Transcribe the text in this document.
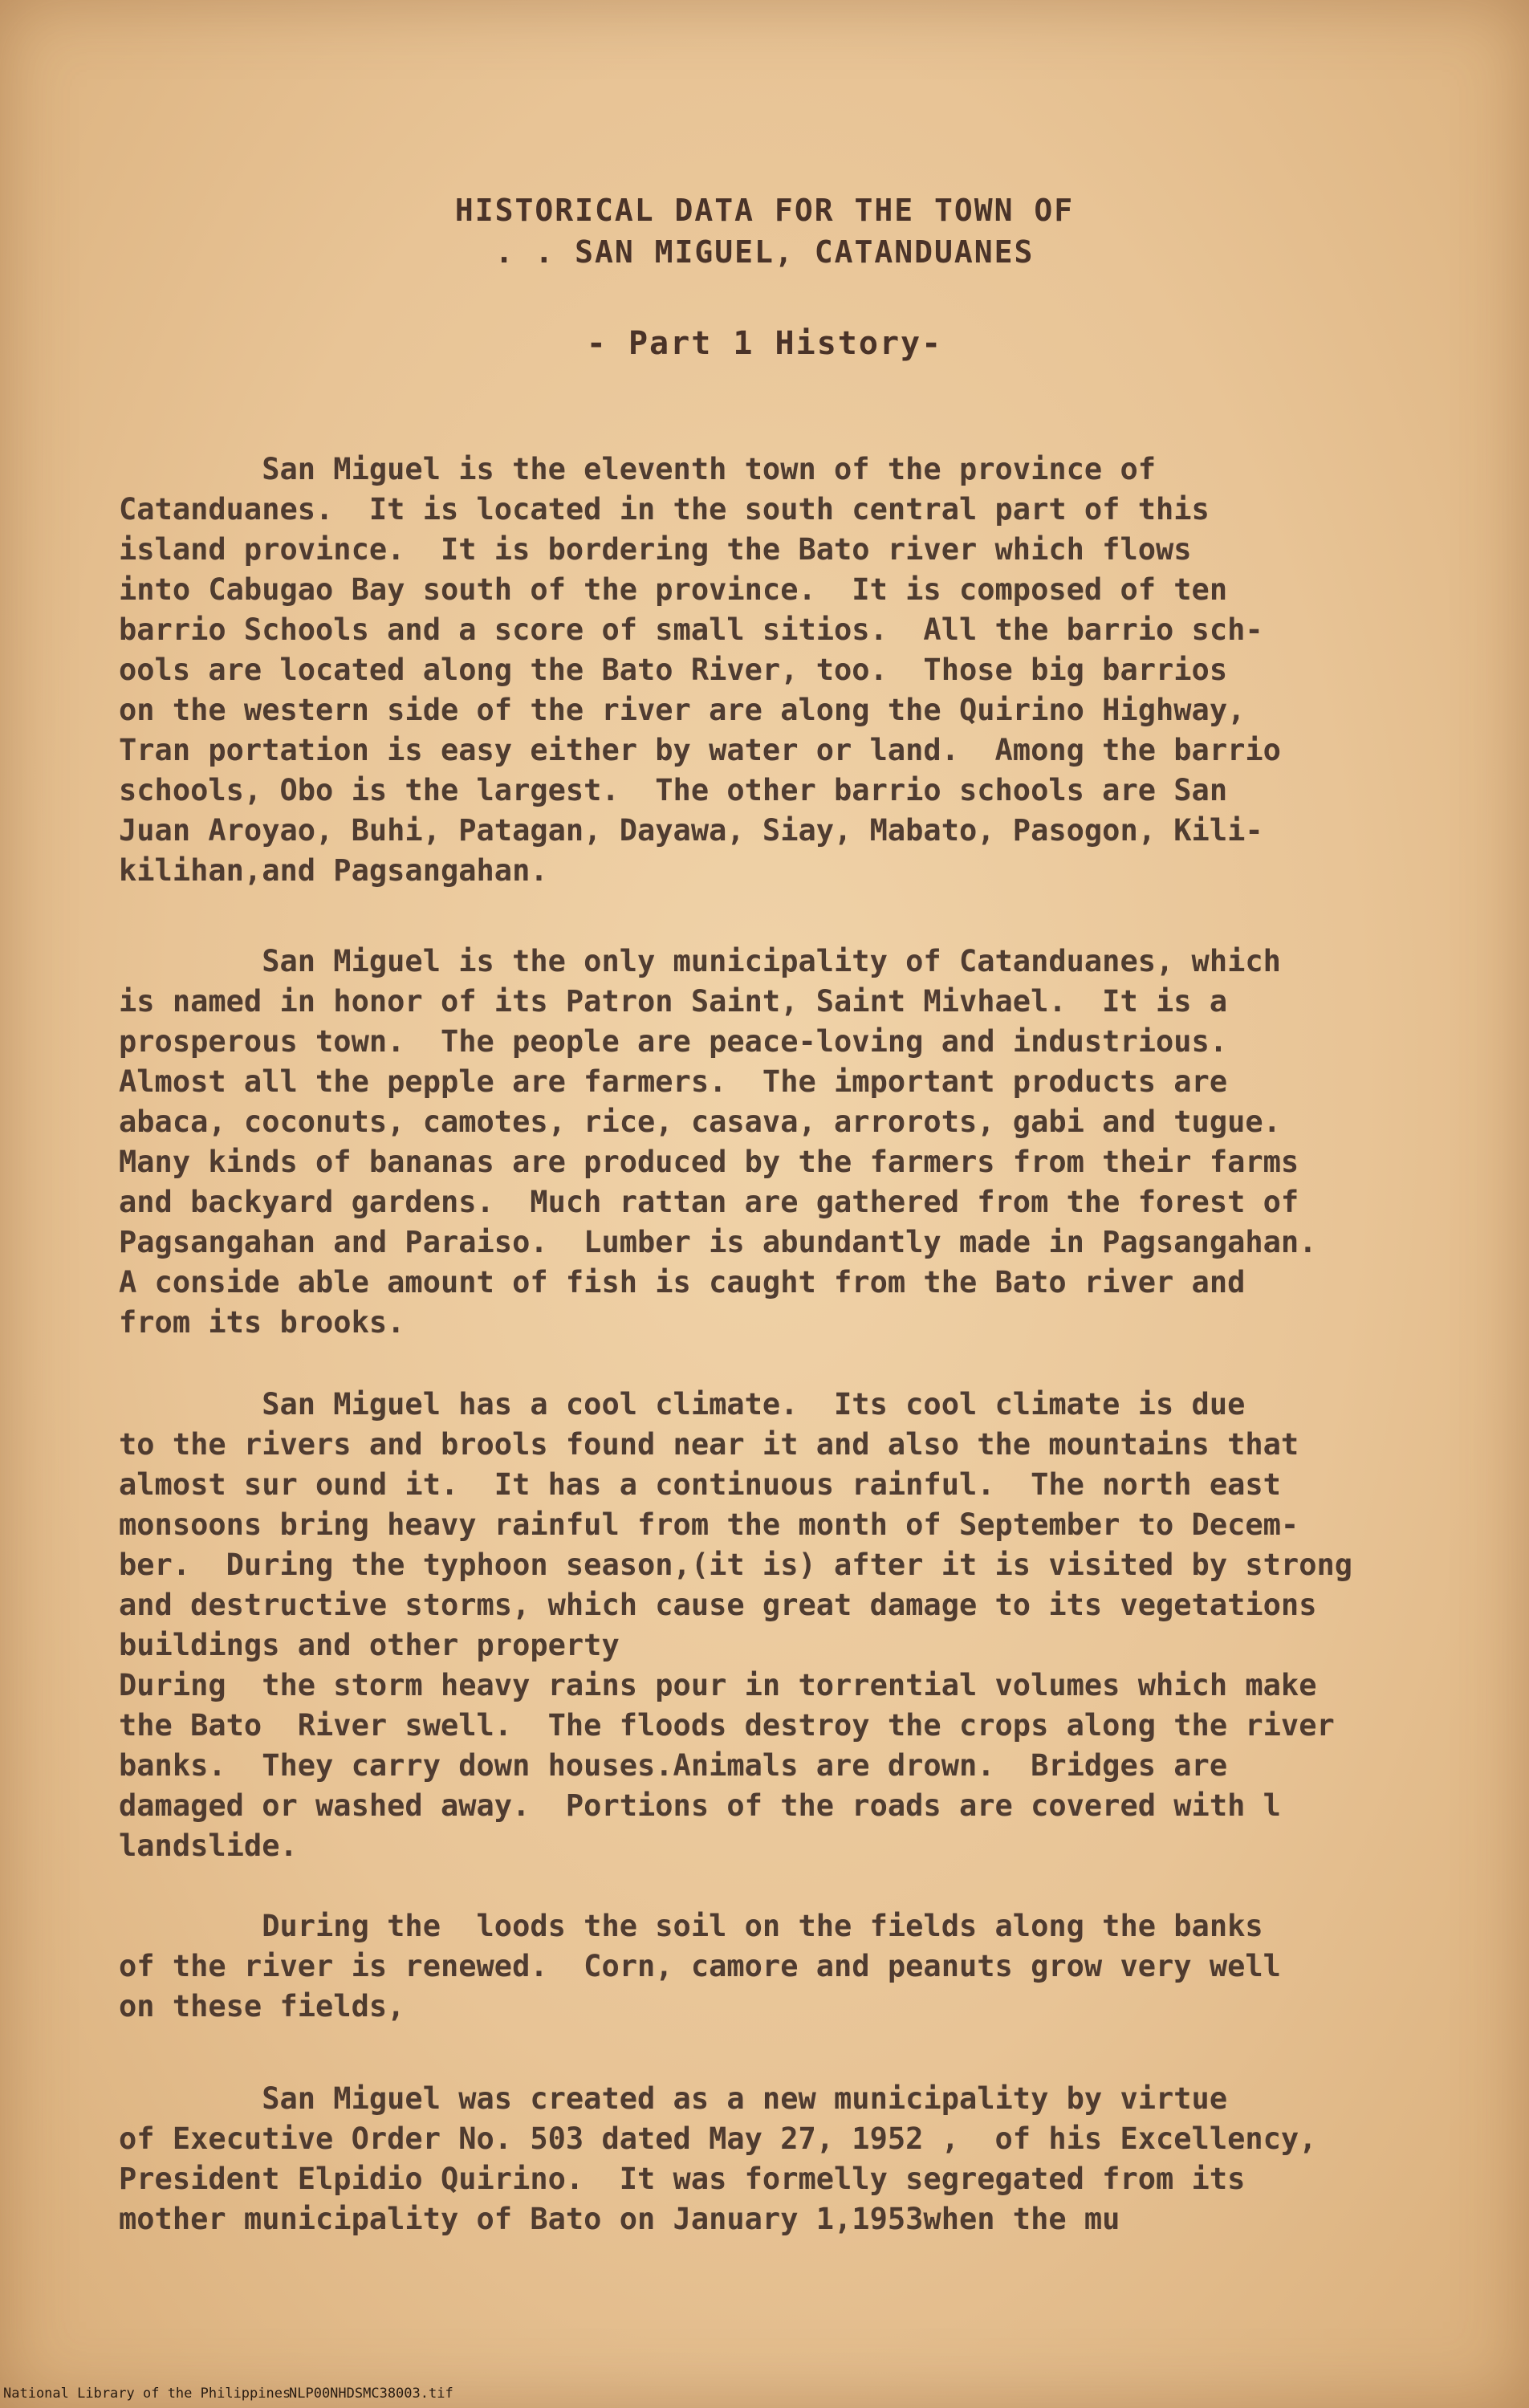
HISTORICAL DATA FOR THE TOWN OF
. . SAN MIGUEL, CATANDUANES
- Part 1 History-
San Miguel is the eleventh town of the province of
Catanduanes.  It is located in the south central part of this
island province.  It is bordering the Bato river which flows
into Cabugao Bay south of the province.  It is composed of ten
barrio Schools and a score of small sitios.  All the barrio sch-
ools are located along the Bato River, too.  Those big barrios
on the western side of the river are along the Quirino Highway,
Tran portation is easy either by water or land.  Among the barrio
schools, Obo is the largest.  The other barrio schools are San
Juan Aroyao, Buhi, Patagan, Dayawa, Siay, Mabato, Pasogon, Kili-
kilihan,and Pagsangahan.
San Miguel is the only municipality of Catanduanes, which
is named in honor of its Patron Saint, Saint Mivhael.  It is a
prosperous town.  The people are peace-loving and industrious.
Almost all the pepple are farmers.  The important products are
abaca, coconuts, camotes, rice, casava, arrorots, gabi and tugue.
Many kinds of bananas are produced by the farmers from their farms
and backyard gardens.  Much rattan are gathered from the forest of
Pagsangahan and Paraiso.  Lumber is abundantly made in Pagsangahan.
A conside able amount of fish is caught from the Bato river and
from its brooks.
San Miguel has a cool climate.  Its cool climate is due
to the rivers and brools found near it and also the mountains that
almost sur ound it.  It has a continuous rainful.  The north east
monsoons bring heavy rainful from the month of September to Decem-
ber.  During the typhoon season,(it is) after it is visited by strong
and destructive storms, which cause great damage to its vegetations
buildings and other property
During  the storm heavy rains pour in torrential volumes which make
the Bato  River swell.  The floods destroy the crops along the river
banks.  They carry down houses.Animals are drown.  Bridges are
damaged or washed away.  Portions of the roads are covered with l
landslide.
During the  loods the soil on the fields along the banks
of the river is renewed.  Corn, camore and peanuts grow very well
on these fields,
San Miguel was created as a new municipality by virtue
of Executive Order No. 503 dated May 27, 1952 ,  of his Excellency,
President Elpidio Quirino.  It was formelly segregated from its
mother municipality of Bato on January 1,1953when the mu
National Library of the Philippines
NLP00NHDSMC38003.tif
